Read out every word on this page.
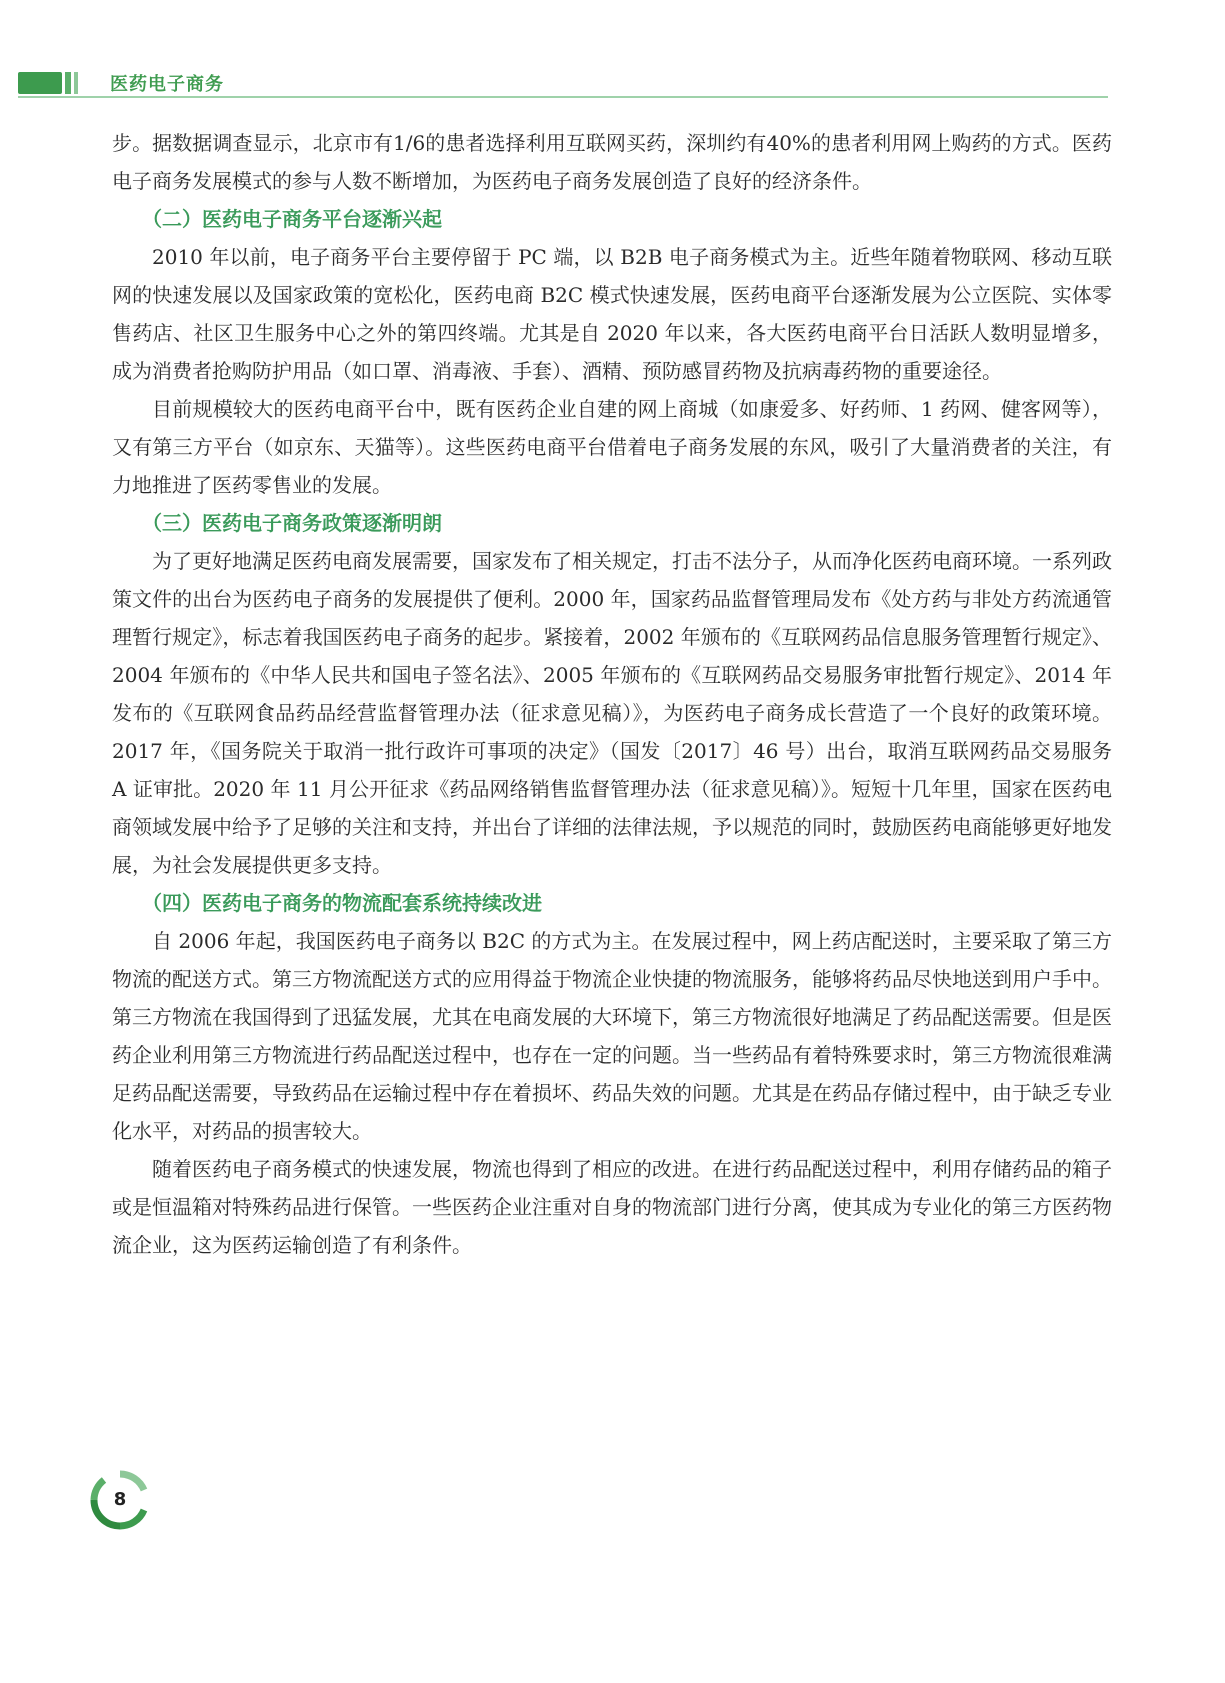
医药电子商务

步。据数据调查显示，北京市有1/6的患者选择利用互联网买药，深圳约有40%的患者利用网上购药的方式。医药电子商务发展模式的参与人数不断增加，为医药电子商务发展创造了良好的经济条件。

（二）医药电子商务平台逐渐兴起

2010 年以前，电子商务平台主要停留于 PC 端，以 B2B 电子商务模式为主。近些年随着物联网、移动互联网的快速发展以及国家政策的宽松化，医药电商 B2C 模式快速发展，医药电商平台逐渐发展为公立医院、实体零售药店、社区卫生服务中心之外的第四终端。尤其是自 2020 年以来，各大医药电商平台日活跃人数明显增多，成为消费者抢购防护用品（如口罩、消毒液、手套）、酒精、预防感冒药物及抗病毒药物的重要途径。

目前规模较大的医药电商平台中，既有医药企业自建的网上商城（如康爱多、好药师、1 药网、健客网等），又有第三方平台（如京东、天猫等）。这些医药电商平台借着电子商务发展的东风，吸引了大量消费者的关注，有力地推进了医药零售业的发展。

（三）医药电子商务政策逐渐明朗

为了更好地满足医药电商发展需要，国家发布了相关规定，打击不法分子，从而净化医药电商环境。一系列政策文件的出台为医药电子商务的发展提供了便利。2000 年，国家药品监督管理局发布《处方药与非处方药流通管理暂行规定》，标志着我国医药电子商务的起步。紧接着，2002 年颁布的《互联网药品信息服务管理暂行规定》、2004 年颁布的《中华人民共和国电子签名法》、2005 年颁布的《互联网药品交易服务审批暂行规定》、2014 年发布的《互联网食品药品经营监督管理办法（征求意见稿）》，为医药电子商务成长营造了一个良好的政策环境。2017 年，《国务院关于取消一批行政许可事项的决定》（国发〔2017〕46 号）出台，取消互联网药品交易服务 A 证审批。2020 年 11 月公开征求《药品网络销售监督管理办法（征求意见稿）》。短短十几年里，国家在医药电商领域发展中给予了足够的关注和支持，并出台了详细的法律法规，予以规范的同时，鼓励医药电商能够更好地发展，为社会发展提供更多支持。

（四）医药电子商务的物流配套系统持续改进

自 2006 年起，我国医药电子商务以 B2C 的方式为主。在发展过程中，网上药店配送时，主要采取了第三方物流的配送方式。第三方物流配送方式的应用得益于物流企业快捷的物流服务，能够将药品尽快地送到用户手中。第三方物流在我国得到了迅猛发展，尤其在电商发展的大环境下，第三方物流很好地满足了药品配送需要。但是医药企业利用第三方物流进行药品配送过程中，也存在一定的问题。当一些药品有着特殊要求时，第三方物流很难满足药品配送需要，导致药品在运输过程中存在着损坏、药品失效的问题。尤其是在药品存储过程中，由于缺乏专业化水平，对药品的损害较大。

随着医药电子商务模式的快速发展，物流也得到了相应的改进。在进行药品配送过程中，利用存储药品的箱子或是恒温箱对特殊药品进行保管。一些医药企业注重对自身的物流部门进行分离，使其成为专业化的第三方医药物流企业，这为医药运输创造了有利条件。

8
